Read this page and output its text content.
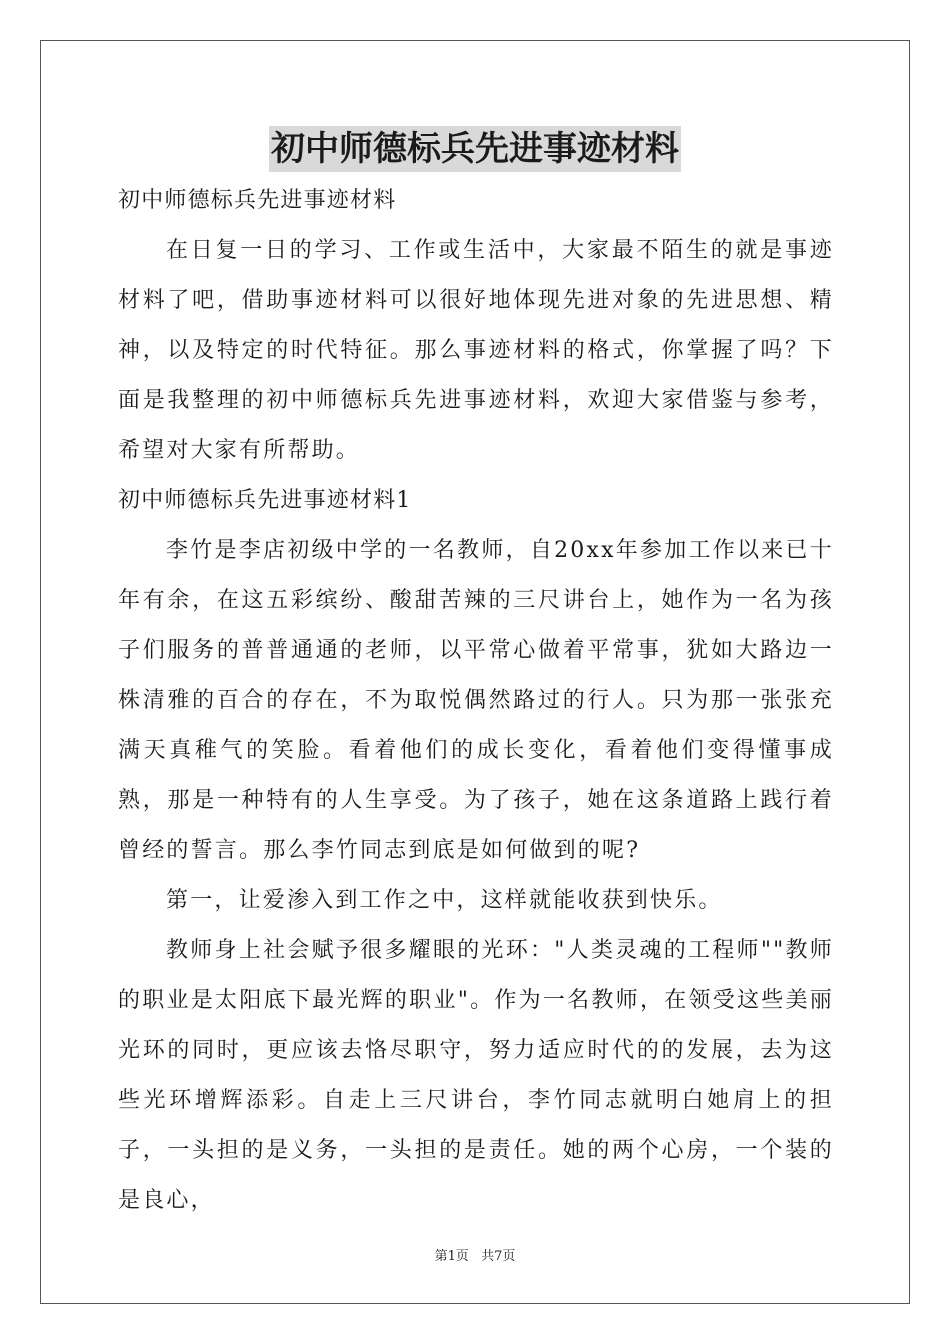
初中师德标兵先进事迹材料

初中师德标兵先进事迹材料

在日复一日的学习、工作或生活中，大家最不陌生的就是事迹材料了吧，借助事迹材料可以很好地体现先进对象的先进思想、精神，以及特定的时代特征。那么事迹材料的格式，你掌握了吗？下面是我整理的初中师德标兵先进事迹材料，欢迎大家借鉴与参考，希望对大家有所帮助。

初中师德标兵先进事迹材料1

李竹是李店初级中学的一名教师，自20xx年参加工作以来已十年有余，在这五彩缤纷、酸甜苦辣的三尺讲台上，她作为一名为孩子们服务的普普通通的老师，以平常心做着平常事，犹如大路边一株清雅的百合的存在，不为取悦偶然路过的行人。只为那一张张充满天真稚气的笑脸。看着他们的成长变化，看着他们变得懂事成熟，那是一种特有的人生享受。为了孩子，她在这条道路上践行着曾经的誓言。那么李竹同志到底是如何做到的呢?

第一，让爱渗入到工作之中，这样就能收获到快乐。

教师身上社会赋予很多耀眼的光环："人类灵魂的工程师""教师的职业是太阳底下最光辉的职业"。作为一名教师，在领受这些美丽光环的同时，更应该去恪尽职守，努力适应时代的的发展，去为这些光环增辉添彩。自走上三尺讲台，李竹同志就明白她肩上的担子，一头担的是义务，一头担的是责任。她的两个心房，一个装的是良心，

第1页 共7页
